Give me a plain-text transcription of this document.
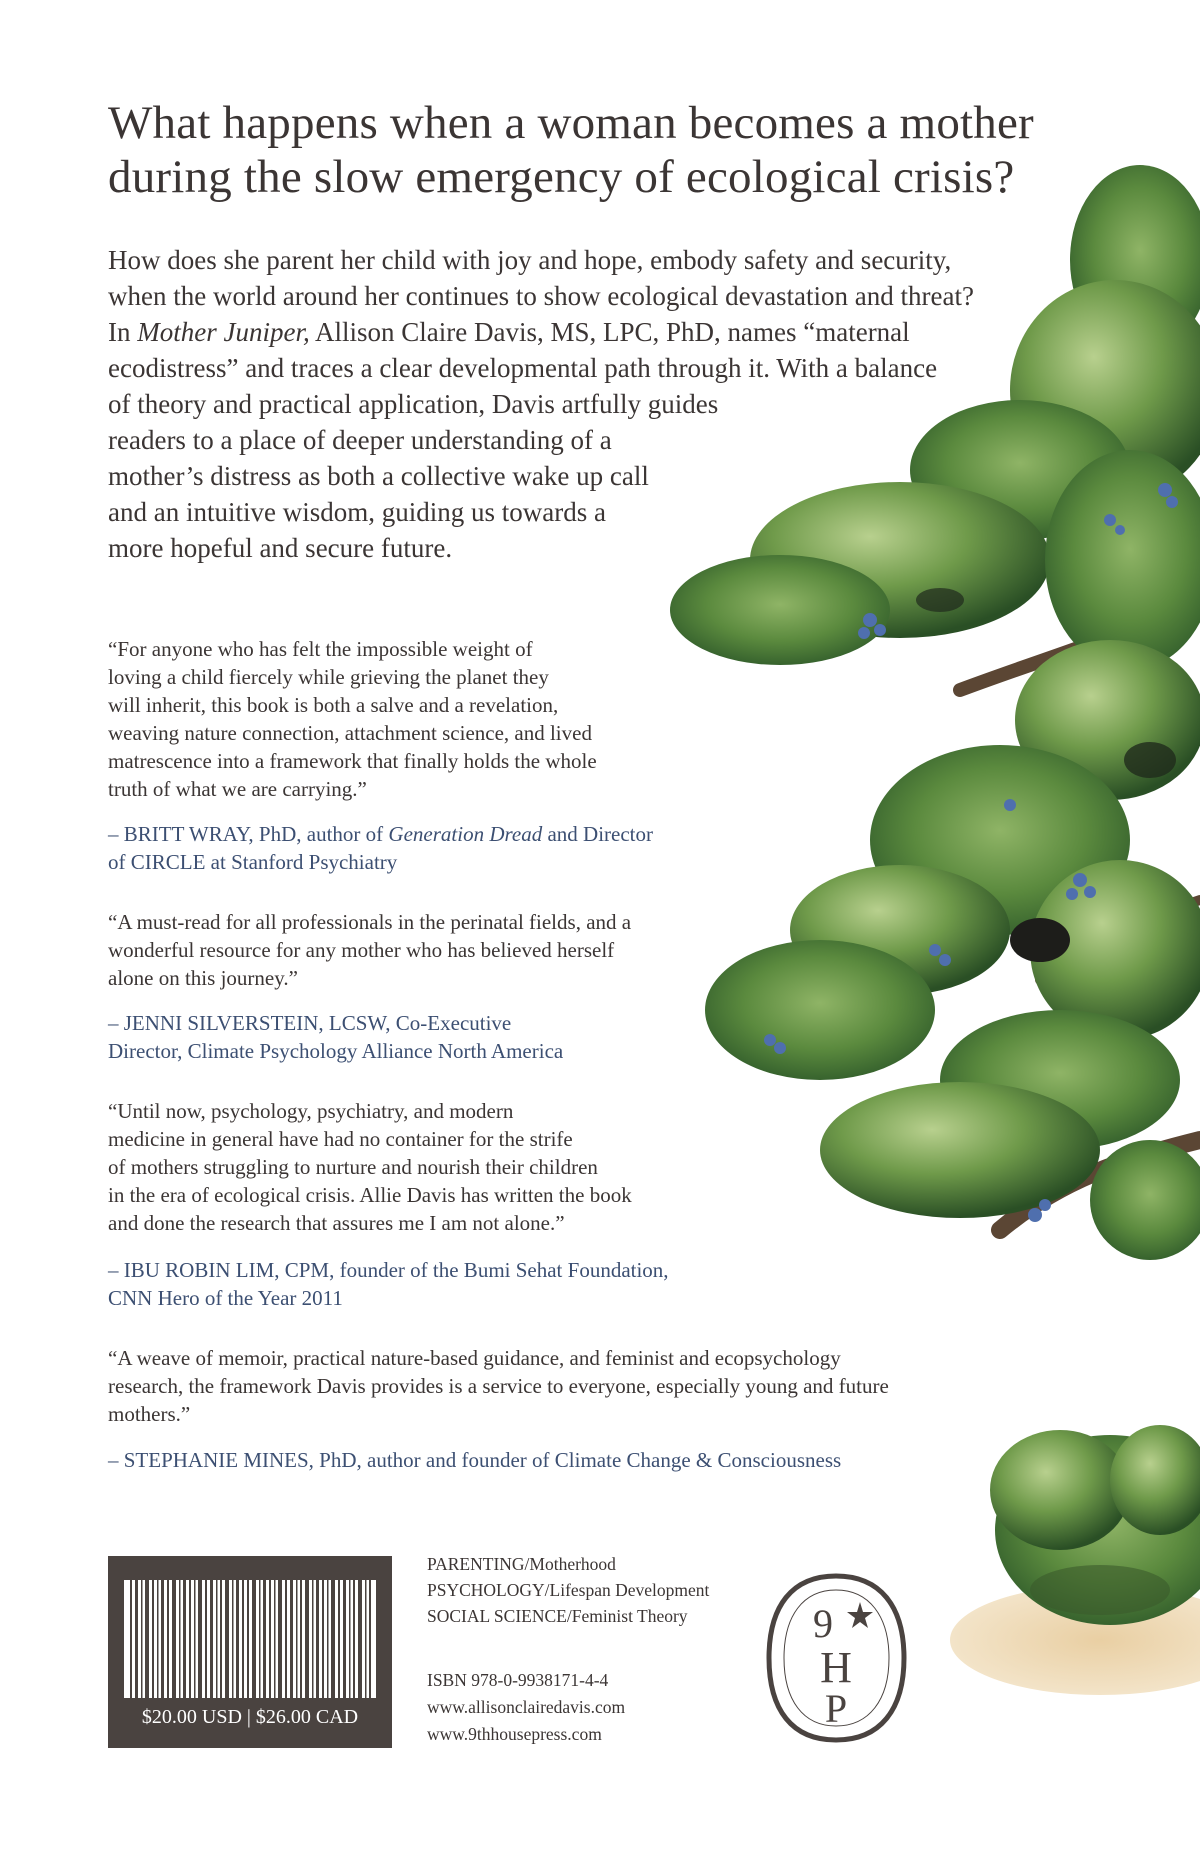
What happens when a woman becomes a mother
during the slow emergency of ecological crisis?
How does she parent her child with joy and hope, embody safety and security,
when the world around her continues to show ecological devastation and threat?
In Mother Juniper, Allison Claire Davis, MS, LPC, PhD, names “maternal
ecodistress” and traces a clear developmental path through it. With a balance
of theory and practical application, Davis artfully guides
readers to a place of deeper understanding of a
mother’s distress as both a collective wake up call
and an intuitive wisdom, guiding us towards a
more hopeful and secure future.
“For anyone who has felt the impossible weight of
loving a child fiercely while grieving the planet they
will inherit, this book is both a salve and a revelation,
weaving nature connection, attachment science, and lived
matrescence into a framework that finally holds the whole
truth of what we are carrying.”
– BRITT WRAY, PhD, author of Generation Dread and Director
of CIRCLE at Stanford Psychiatry
“A must-read for all professionals in the perinatal fields, and a
wonderful resource for any mother who has believed herself
alone on this journey.”
– JENNI SILVERSTEIN, LCSW, Co-Executive
Director, Climate Psychology Alliance North America
“Until now, psychology, psychiatry, and modern
medicine in general have had no container for the strife
of mothers struggling to nurture and nourish their children
in the era of ecological crisis. Allie Davis has written the book
and done the research that assures me I am not alone.”
– IBU ROBIN LIM, CPM, founder of the Bumi Sehat Foundation,
CNN Hero of the Year 2011
“A weave of memoir, practical nature-based guidance, and feminist and ecopsychology
research, the framework Davis provides is a service to everyone, especially young and future
mothers.”
– STEPHANIE MINES, PhD, author and founder of Climate Change & Consciousness
$20.00 USD | $26.00 CAD
PARENTING/Motherhood
PSYCHOLOGY/Lifespan Development
SOCIAL SCIENCE/Feminist Theory
ISBN 978-0-9938171-4-4
www.allisonclairedavis.com
www.9thhousepress.com
9
H
P
